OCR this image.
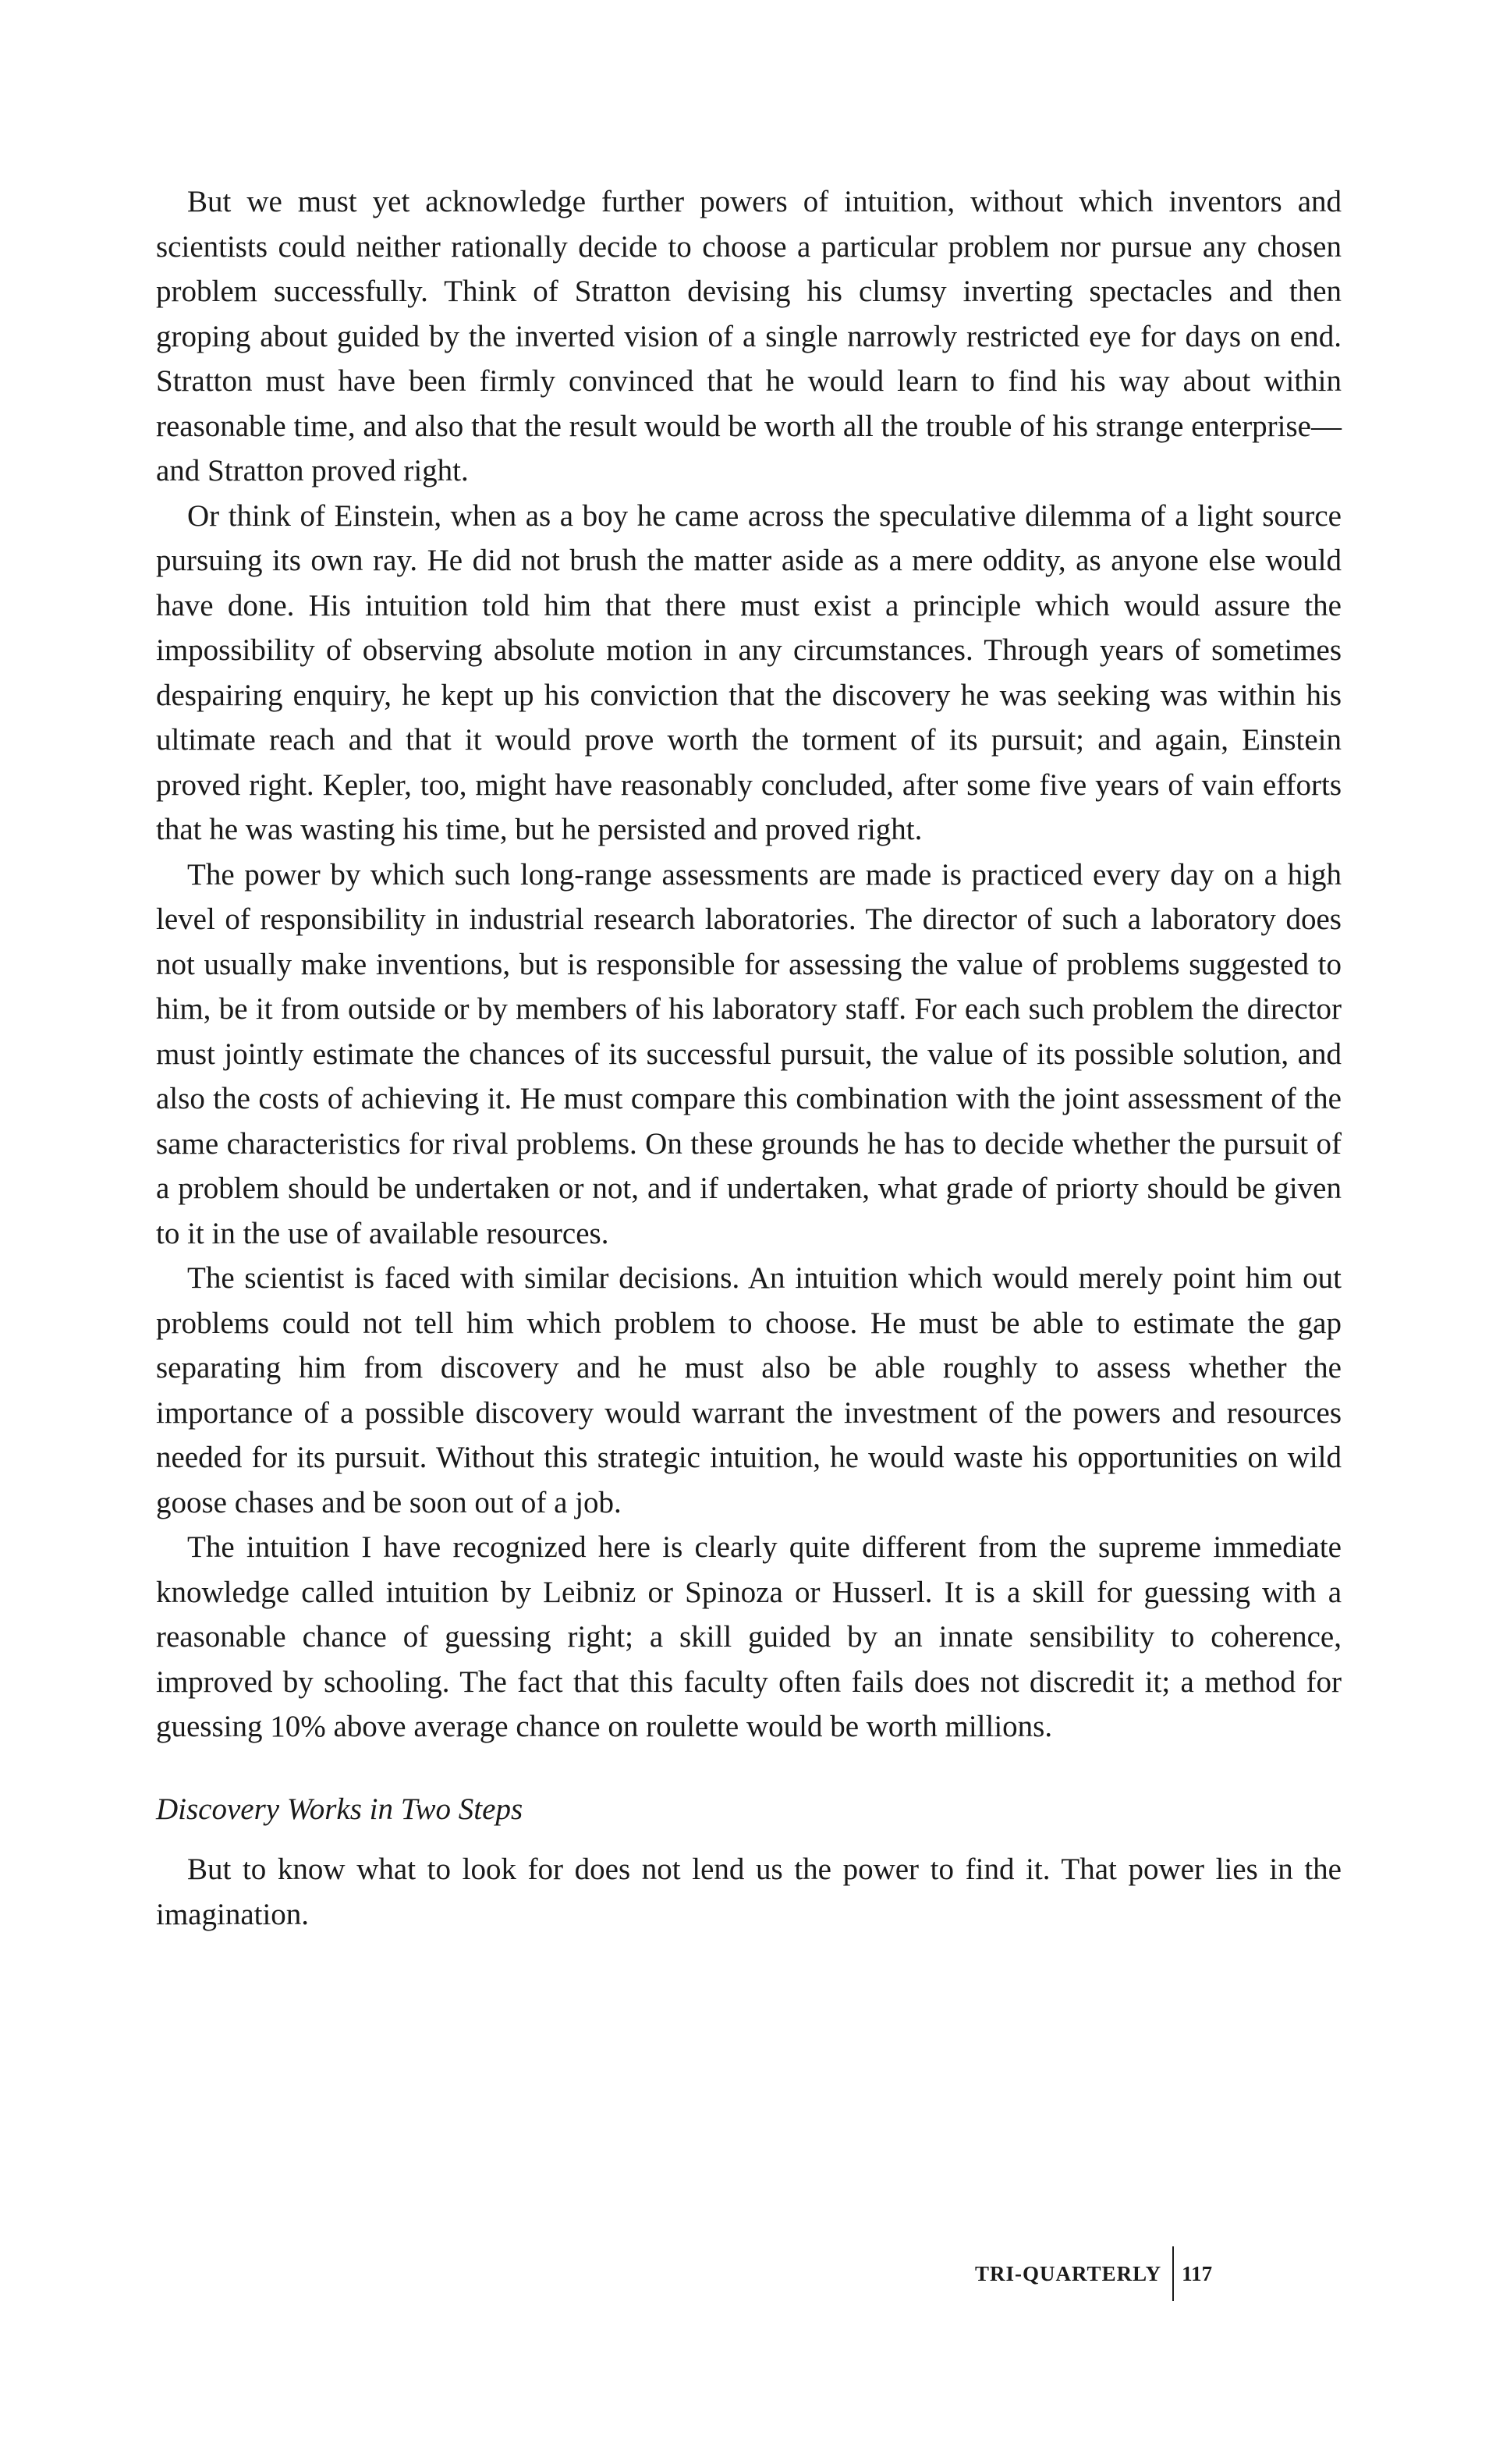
But we must yet acknowledge further powers of intuition, without which inventors and scientists could neither rationally decide to choose a particular problem nor pursue any chosen problem successfully. Think of Stratton devising his clumsy inverting spectacles and then groping about guided by the inverted vision of a single narrowly restricted eye for days on end. Stratton must have been firmly convinced that he would learn to find his way about within reasonable time, and also that the result would be worth all the trouble of his strange enterprise—and Stratton proved right.

Or think of Einstein, when as a boy he came across the speculative dilemma of a light source pursuing its own ray. He did not brush the matter aside as a mere oddity, as anyone else would have done. His intuition told him that there must exist a principle which would assure the impossibility of observing absolute motion in any circumstances. Through years of sometimes despairing enquiry, he kept up his conviction that the discovery he was seeking was within his ultimate reach and that it would prove worth the torment of its pursuit; and again, Einstein proved right. Kepler, too, might have reasonably concluded, after some five years of vain efforts that he was wasting his time, but he persisted and proved right.

The power by which such long-range assessments are made is practiced every day on a high level of responsibility in industrial research laboratories. The director of such a laboratory does not usually make inventions, but is responsible for assessing the value of problems suggested to him, be it from outside or by members of his laboratory staff. For each such problem the director must jointly estimate the chances of its successful pursuit, the value of its possible solution, and also the costs of achieving it. He must compare this combination with the joint assessment of the same characteristics for rival problems. On these grounds he has to decide whether the pursuit of a problem should be undertaken or not, and if undertaken, what grade of priorty should be given to it in the use of available resources.

The scientist is faced with similar decisions. An intuition which would merely point him out problems could not tell him which problem to choose. He must be able to estimate the gap separating him from discovery and he must also be able roughly to assess whether the importance of a possible discovery would warrant the investment of the powers and resources needed for its pursuit. Without this strategic intuition, he would waste his opportunities on wild goose chases and be soon out of a job.

The intuition I have recognized here is clearly quite different from the supreme immediate knowledge called intuition by Leibniz or Spinoza or Husserl. It is a skill for guessing with a reasonable chance of guessing right; a skill guided by an innate sensibility to coherence, improved by schooling. The fact that this faculty often fails does not discredit it; a method for guessing 10% above average chance on roulette would be worth millions.

Discovery Works in Two Steps

But to know what to look for does not lend us the power to find it. That power lies in the imagination.

TRI-QUARTERLY 117
